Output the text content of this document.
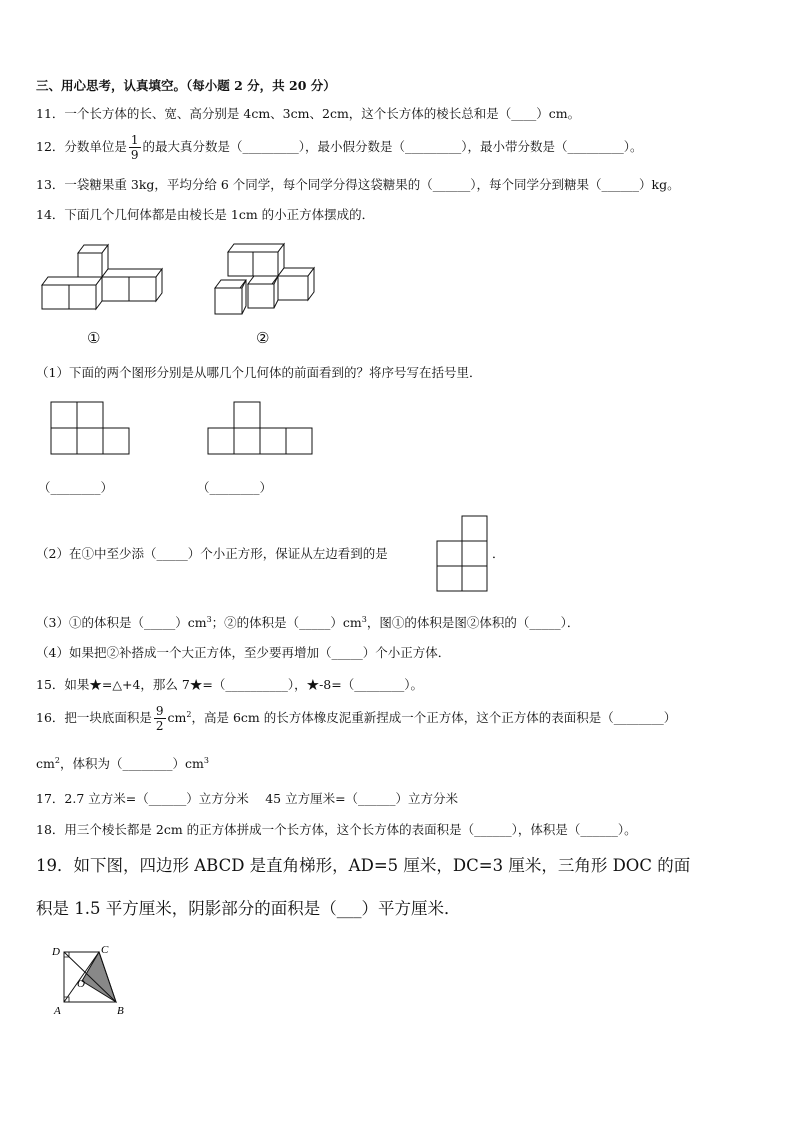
三、用心思考，认真填空。（每小题 2 分，共 20 分）
11．一个长方体的长、宽、高分别是 4cm、3cm、2cm，这个长方体的棱长总和是（____）cm。
12．分数单位是 $\frac{1}{9}$ 的最大真分数是（_________），最小假分数是（_________），最小带分数是（_________）。
13．一袋糖果重 3kg，平均分给 6 个同学，每个同学分得这袋糖果的（______），每个同学分到糖果（______）kg。
14．下面几个几何体都是由棱长是 1cm 的小正方体摆成的．
①	②
（1）下面的两个图形分别是从哪几个几何体的前面看到的？将序号写在括号里．
（________）	（________）
（2）在①中至少添（_____）个小正方形，保证从左边看到的是	．
（3）①的体积是$(\_\_\_\_\_)cm^3$；②的体积是$(\_\_\_\_\_)cm^3$，图①的体积是图②体积的（_____）．
（4）如果把②补搭成一个大正方体，至少要再增加（_____）个小正方体．
15．如果★=△+4，那么 7★=（__________），★-8=（________）。
16．把一块底面积是 $\frac{9}{2} cm^2$，高是 6cm 的长方体橡皮泥重新捏成一个正方体，这个正方体的表面积是（________）
$cm^2$，体积为$(\_\_\_\_\_\_\_\_)cm^3$
17．2.7 立方米=（______）立方分米　 45 立方厘米=（______）立方分米
18．用三个棱长都是 2cm 的正方体拼成一个长方体，这个长方体的表面积是（______），体积是（______）。
19．如下图，四边形 ABCD 是直角梯形，AD=5 厘米，DC=3 厘米，三角形 DOC 的面
积是 1.5 平方厘米，阴影部分的面积是（___）平方厘米．
D	C
O
A	B
